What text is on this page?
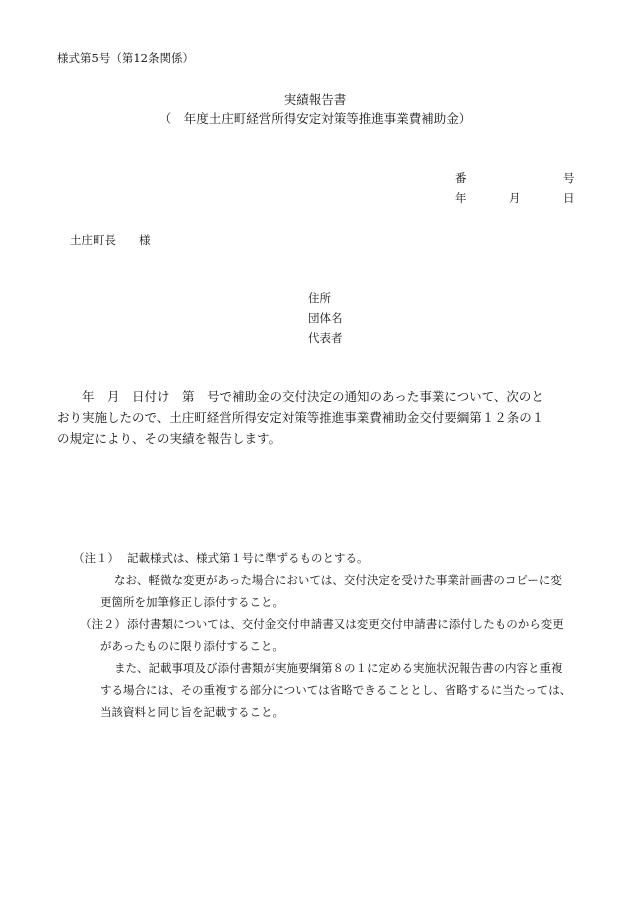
様式第5号（第12条関係）
実績報告書
（　年度土庄町経営所得安定対策等推進事業費補助金）
番	号
年	月	日
土庄町長　　様
住所
団体名
代表者
　　年　月　日付け　第　号で補助金の交付決定の通知のあった事業について、次のと
おり実施したので、土庄町経営所得安定対策等推進事業費補助金交付要綱第１２条の１
の規定により、その実績を報告します。
（注１） 記載様式は、様式第１号に準ずるものとする。
なお、軽微な変更があった場合においては、交付決定を受けた事業計画書のコピーに変
更箇所を加筆修正し添付すること。
（注２） 添付書類については、交付金交付申請書又は変更交付申請書に添付したものから変更
があったものに限り添付すること。
また、記載事項及び添付書類が実施要綱第８の１に定める実施状況報告書の内容と重複
する場合には、その重複する部分については省略できることとし、省略するに当たっては、
当該資料と同じ旨を記載すること。
